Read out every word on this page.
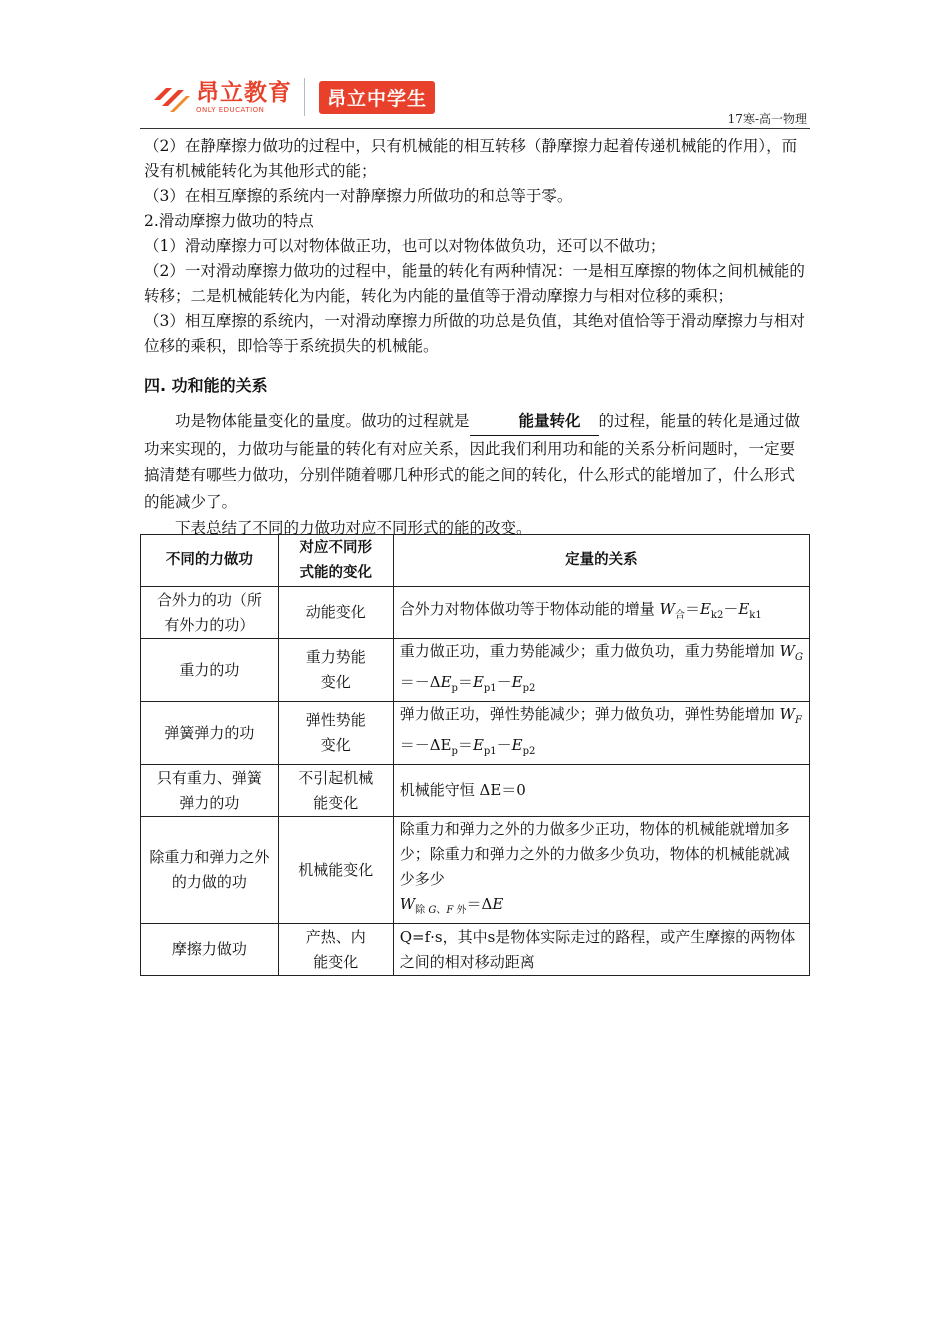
昂立教育
ONLY EDUCATION	昂立中学生
17寒-高一物理

（2）在静摩擦力做功的过程中，只有机械能的相互转移（静摩擦力起着传递机械能的作用），而没有机械能转化为其他形式的能；

（3）在相互摩擦的系统内一对静摩擦力所做功的和总等于零。

2.滑动摩擦力做功的特点

（1）滑动摩擦力可以对物体做正功，也可以对物体做负功，还可以不做功；

（2）一对滑动摩擦力做功的过程中，能量的转化有两种情况：一是相互摩擦的物体之间机械能的转移；二是机械能转化为内能，转化为内能的量值等于滑动摩擦力与相对位移的乘积；

（3）相互摩擦的系统内，一对滑动摩擦力所做的功总是负值，其绝对值恰等于滑动摩擦力与相对位移的乘积，即恰等于系统损失的机械能。

四. 功和能的关系

功是物体能量变化的量度。做功的过程就是	能量转化 的过程，能量的转化是通过做功来实现的，力做功与能量的转化有对应关系，因此我们利用功和能的关系分析问题时，一定要搞清楚有哪些力做功，分别伴随着哪几种形式的能之间的转化，什么形式的能增加了，什么形式的能减少了。

下表总结了不同的力做功对应不同形式的能的改变。

不同的力做功	对应不同形式能的变化	定量的关系
合外力的功（所有外力的功）	动能变化	合外力对物体做功等于物体动能的增量 $W_合=E_{k2}-E_{k1}$
重力的功	重力势能变化	重力做正功，重力势能减少；重力做负功，重力势能增加 $W_G=-\Delta E_p=E_{p1}-E_{p2}$
弹簧弹力的功	弹性势能变化	弹力做正功，弹性势能减少；弹力做负功，弹性势能增加 $W_F=-\Delta E_p=E_{p1}-E_{p2}$
只有重力、弹簧弹力的功	不引起机械能变化	机械能守恒 ΔE＝0
除重力和弹力之外的力做的功	机械能变化	除重力和弹力之外的力做多少正功，物体的机械能就增加多少；除重力和弹力之外的力做多少负功，物体的机械能就减少多少
$W_{除 G、F 外}=\Delta E$
摩擦力做功	产热、内能变化	Q=f·s，其中s是物体实际走过的路程，或产生摩擦的两物体之间的相对移动距离
